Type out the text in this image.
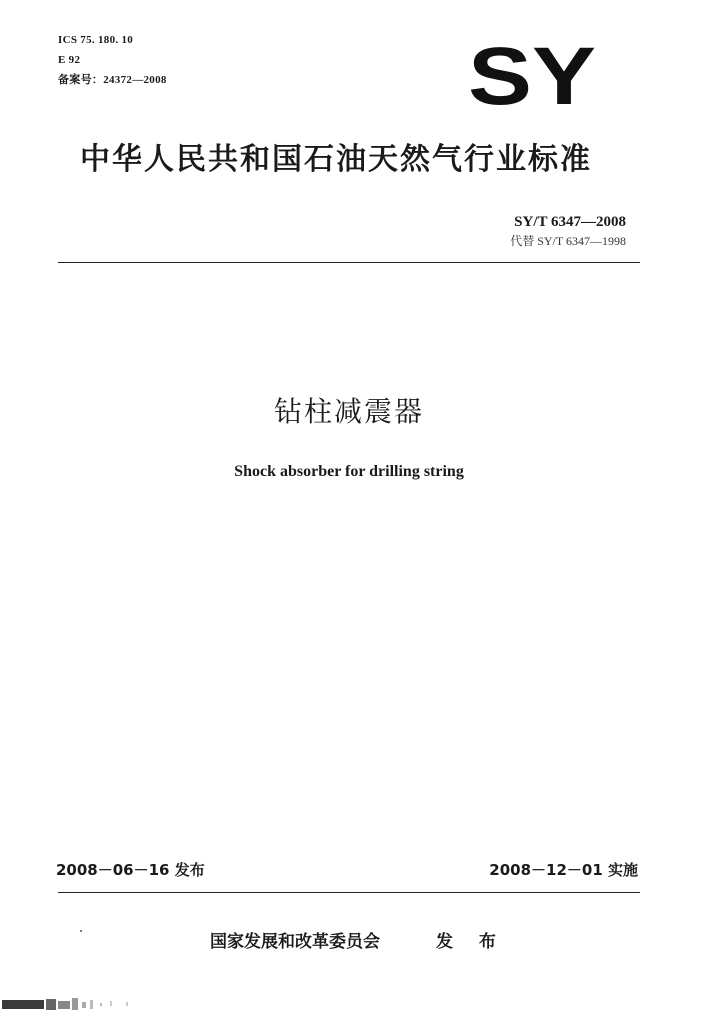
ICS 75. 180. 10
E 92
备案号：24372—2008	SY
中华人民共和国石油天然气行业标准
SY/T 6347—2008
代替 SY/T 6347—1998
钻柱减震器
Shock absorber for drilling string
2008－06－16 发布	2008－12－01 实施
国家发展和改革委员会	发 布
